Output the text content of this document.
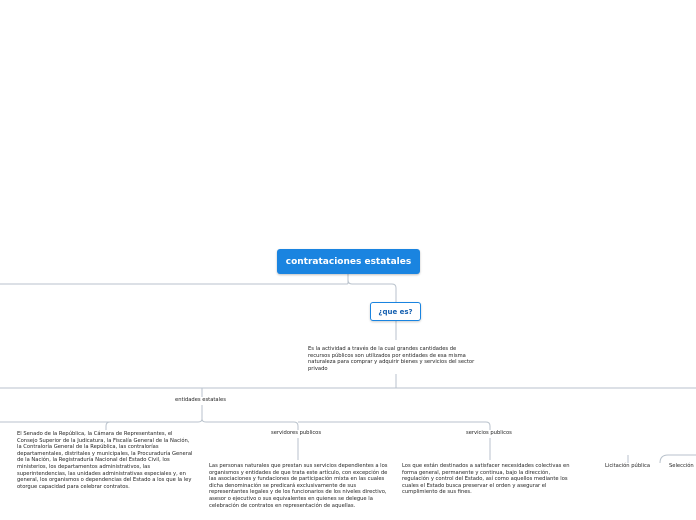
contrataciones estatales
¿que es?
Es la actividad a través de la cual grandes cantidades de recursos públicos son utilizados por entidades de esa misma naturaleza para comprar y adquirir bienes y servicios del sector privado
entidades estatales
El Senado de la República, la Cámara de Representantes, el Consejo Superior de la Judicatura, la Fiscalía General de la Nación, la Contraloría General de la República, las contralorías departamentales, distritales y municipales, la Procuraduría General de la Nación, la Registraduría Nacional del Estado Civil, los ministerios, los departamentos administrativos, las superintendencias, las unidades administrativas especiales y, en general, los organismos o dependencias del Estado a los que la ley otorgue capacidad para celebrar contratos.
servidores publicos
Las personas naturales que prestan sus servicios dependientes a los organismos y entidades de que trata este artículo, con excepción de las asociaciones y fundaciones de participación mixta en las cuales dicha denominación se predicará exclusivamente de sus representantes legales y de los funcionarios de los niveles directivo, asesor o ejecutivo o sus equivalentes en quienes se delegue la celebración de contratos en representación de aquellas.
servicios publicos
Los que están destinados a satisfacer necesidades colectivas en forma general, permanente y continua, bajo la dirección, regulación y control del Estado, así como aquellos mediante los cuales el Estado busca preservar el orden y asegurar el cumplimiento de sus fines.
Licitación pública	Selección
